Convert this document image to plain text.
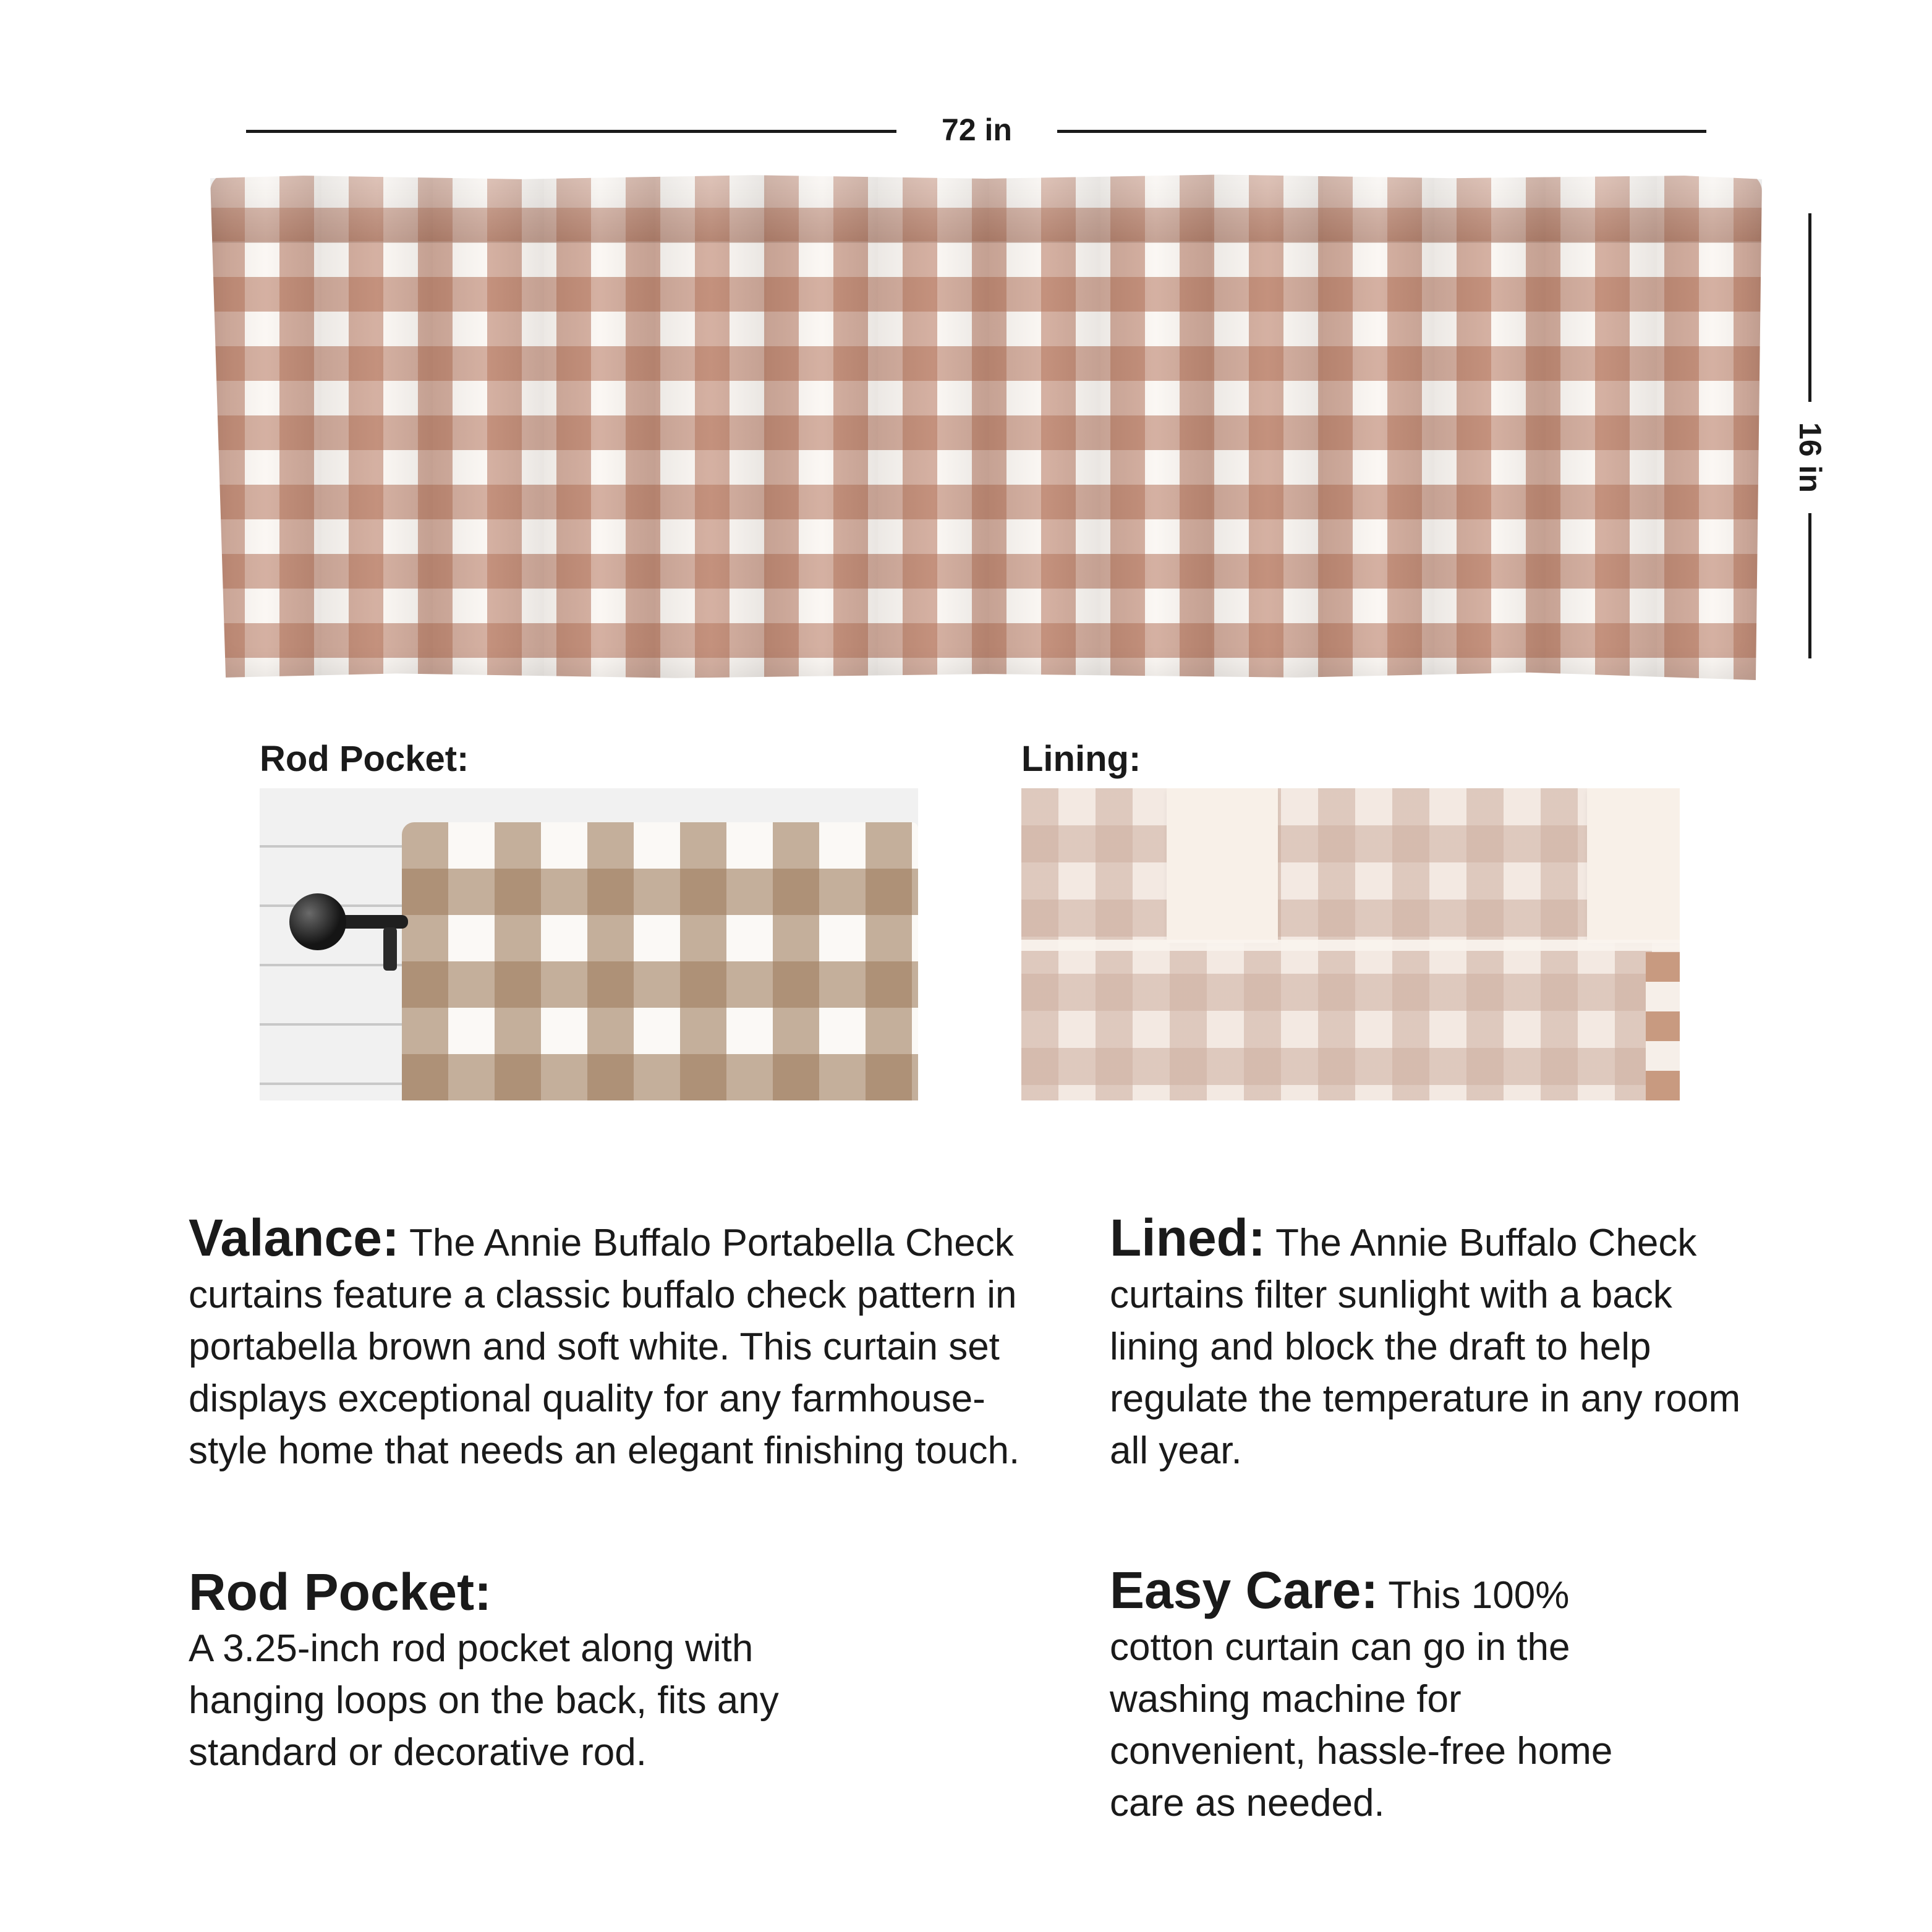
72 in
16 in
Rod Pocket:	Lining:
Valance: The Annie Buffalo Portabella Check curtains feature a classic buffalo check pattern in portabella brown and soft white. This curtain set displays exceptional quality for any farmhouse-style home that needs an elegant finishing touch.
Lined: The Annie Buffalo Check curtains filter sunlight with a back lining and block the draft to help regulate the temperature in any room all year.
Rod Pocket:
A 3.25-inch rod pocket along with hanging loops on the back, fits any standard or decorative rod.
Easy Care: This 100% cotton curtain can go in the washing machine for convenient, hassle-free home care as needed.
